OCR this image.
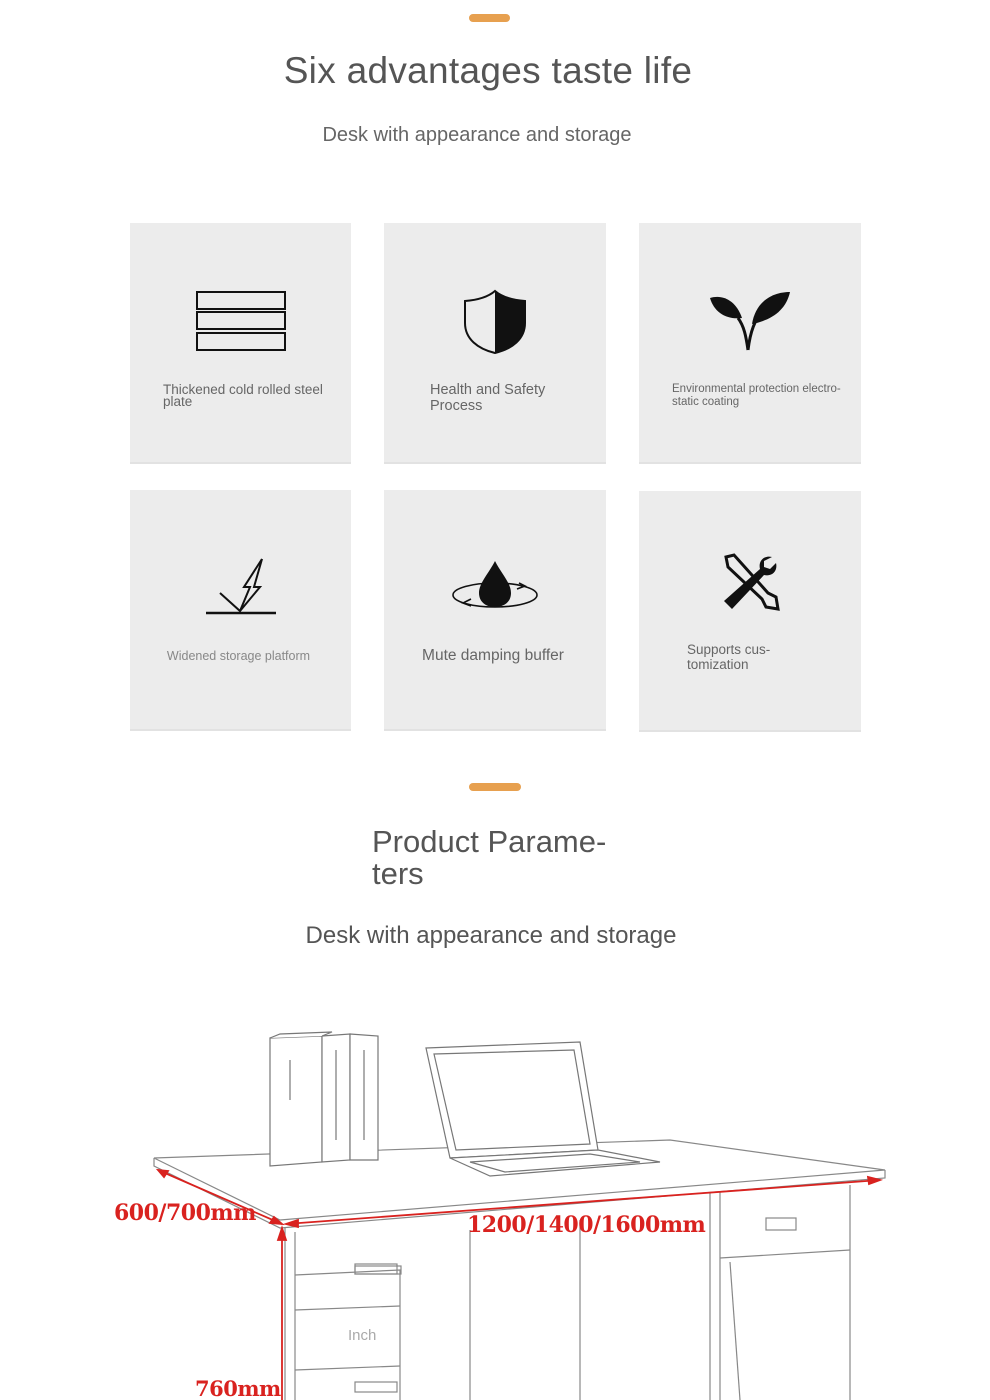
Six advantages taste life

Desk with appearance and storage

Thickened cold rolled steel plate
Health and Safety Process
Environmental protection electro-static coating
Widened storage platform	Mute damping buffer	Supports cus-tomization
Product Parame-ters

Desk with appearance and storage

600/700mm	1200/1400/1600mm
760mm
Inch
